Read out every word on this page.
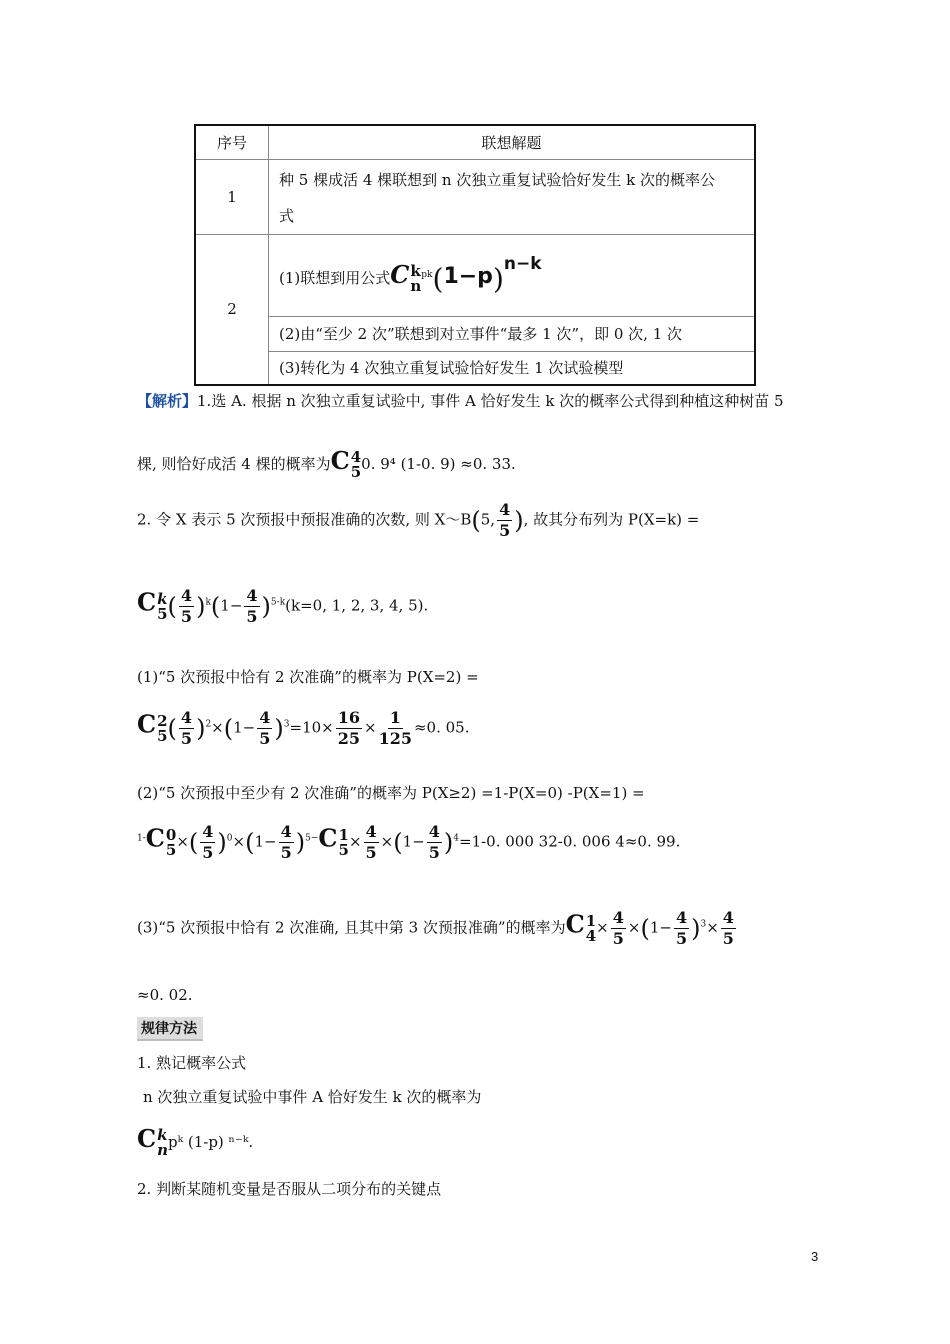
序号	联想解题
1	种 5 棵成活 4 棵联想到 n 次独立重复试验恰好发生 k 次的概率公
式

2	(1)联想到用公式C k
n
$^{pk}$(1−p)n−k
	(2)由“至少 2 次”联想到对立事件“最多 1 次”，即 0 次, 1 次
	(3)转化为 4 次独立重复试验恰好发生 1 次试验模型
【解析】1.选 A. 根据 n 次独立重复试验中, 事件 A 恰好发生 k 次的概率公式得到种植这种树苗 5
棵, 则恰好成活 4 棵的概率为C 4
5 0. 9⁴ (1-0. 9) ≈0. 33.
2. 令 X 表示 5 次预报中预报准确的次数, 则 X～B(5, $\frac{4}{5}$ ), 故其分布列为 P(X=k) =
C k
5 ( $\frac{4}{5} )^k(1- \frac{4}{5} )^{5-k}(k=0$, 1, 2, 3, 4, 5).
(1)“5 次预报中恰有 2 次准确”的概率为 P(X=2) =
C 2
5 ( $\frac{4}{5} )^2\times(1- \frac{4}{5} )^3=10\times \frac{16}{25} \times \frac{1}{125} \approx 0$. 05.
(2)“5 次预报中至少有 2 次准确”的概率为 P(X≥2) =1-P(X=0) -P(X=1) =
$^{1-}$C 0
5 ×( $\frac{4}{5} )^0\times(1- \frac{4}{5} )^{5-}C$ 1
$5 \times \frac{4}{5} \times(1- \frac{4}{5} )^4=1-0$. 000 32-0. 006 4≈0. 99.
(3)“5 次预报中恰有 2 次准确, 且其中第 3 次预报准确”的概率为C 1
$4 \times \frac{4}{5} \times(1- \frac{4}{5} )^3\times \frac{4}{5}$
≈0. 02.
规律方法
1. 熟记概率公式
n 次独立重复试验中事件 A 恰好发生 k 次的概率为
C k
n pᵏ (1-p) ⁿ⁻ᵏ.
2. 判断某随机变量是否服从二项分布的关键点
3
